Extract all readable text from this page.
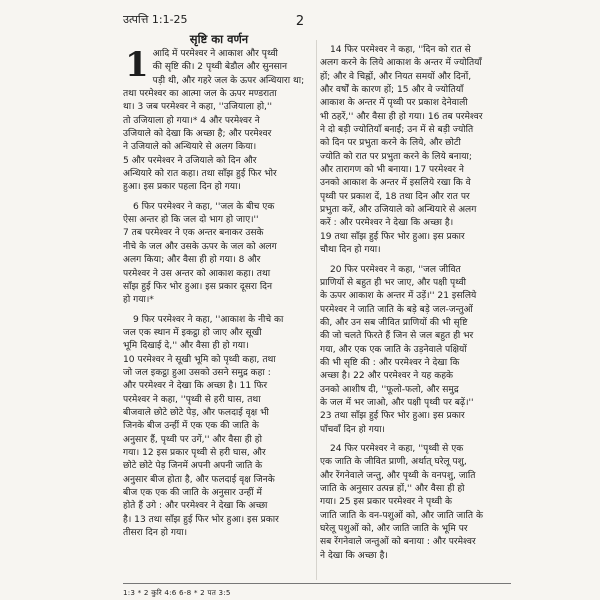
उत्पत्ति 1:1-25	2
सृष्टि का वर्णन
1 आदि में परमेश्वर ने आकाश और पृथ्वी
की सृष्टि की। 2 पृथ्वी बेडौल और सुनसान
पड़ी थी, और गहरे जल के ऊपर अन्धियारा था;
तथा परमेश्वर का आत्मा जल के ऊपर मण्डराता
था। 3 जब परमेश्वर ने कहा, ''उजियाला हो,''
तो उजियाला हो गया।* 4 और परमेश्वर ने
उजियाले को देखा कि अच्छा है; और परमेश्वर
ने उजियाले को अन्धियारे से अलग किया।
5 और परमेश्वर ने उजियाले को दिन और
अन्धियारे को रात कहा। तथा साँझ हुई फिर भोर
हुआ। इस प्रकार पहला दिन हो गया।
6 फिर परमेश्वर ने कहा, ''जल के बीच एक
ऐसा अन्तर हो कि जल दो भाग हो जाए।''
7 तब परमेश्वर ने एक अन्तर बनाकर उसके
नीचे के जल और उसके ऊपर के जल को अलग
अलग किया; और वैसा ही हो गया। 8 और
परमेश्वर ने उस अन्तर को आकाश कहा। तथा
साँझ हुई फिर भोर हुआ। इस प्रकार दूसरा दिन
हो गया।*
9 फिर परमेश्वर ने कहा, ''आकाश के नीचे का
जल एक स्थान में इकट्ठा हो जाए और सूखी
भूमि दिखाई दे,'' और वैसा ही हो गया।
10 परमेश्वर ने सूखी भूमि को पृथ्वी कहा, तथा
जो जल इकट्ठा हुआ उसको उसने समुद्र कहा :
और परमेश्वर ने देखा कि अच्छा है। 11 फिर
परमेश्वर ने कहा, ''पृथ्वी से हरी घास, तथा
बीजवाले छोटे छोटे पेड़, और फलदाई वृक्ष भी
जिनके बीज उन्हीं में एक एक की जाति के
अनुसार हैं, पृथ्वी पर उगें,'' और वैसा ही हो
गया। 12 इस प्रकार पृथ्वी से हरी घास, और
छोटे छोटे पेड़ जिनमें अपनी अपनी जाति के
अनुसार बीज होता है, और फलदाई वृक्ष जिनके
बीज एक एक की जाति के अनुसार उन्हीं में
होते हैं उगे : और परमेश्वर ने देखा कि अच्छा
है। 13 तथा साँझ हुई फिर भोर हुआ। इस प्रकार
तीसरा दिन हो गया।
14 फिर परमेश्वर ने कहा, ''दिन को रात से
अलग करने के लिये आकाश के अन्तर में ज्योतियाँ
हों; और वे चिह्नों, और नियत समयों और दिनों,
और वर्षों के कारण हों; 15 और वे ज्योतियाँ
आकाश के अन्तर में पृथ्वी पर प्रकाश देनेवाली
भी ठहरें,'' और वैसा ही हो गया। 16 तब परमेश्वर
ने दो बड़ी ज्योतियाँ बनाईं; उन में से बड़ी ज्योति
को दिन पर प्रभुता करने के लिये, और छोटी
ज्योति को रात पर प्रभुता करने के लिये बनाया;
और तारागण को भी बनाया। 17 परमेश्वर ने
उनको आकाश के अन्तर में इसलिये रखा कि वे
पृथ्वी पर प्रकाश दें, 18 तथा दिन और रात पर
प्रभुता करें, और उजियाले को अन्धियारे से अलग
करें : और परमेश्वर ने देखा कि अच्छा है।
19 तथा साँझ हुई फिर भोर हुआ। इस प्रकार
चौथा दिन हो गया।
20 फिर परमेश्वर ने कहा, ''जल जीवित
प्राणियों से बहुत ही भर जाए, और पक्षी पृथ्वी
के ऊपर आकाश के अन्तर में उड़ें।'' 21 इसलिये
परमेश्वर ने जाति जाति के बड़े बड़े जल-जन्तुओं
की, और उन सब जीवित प्राणियों की भी सृष्टि
की जो चलते फिरते हैं जिन से जल बहुत ही भर
गया, और एक एक जाति के उड़नेवाले पक्षियों
की भी सृष्टि की : और परमेश्वर ने देखा कि
अच्छा है। 22 और परमेश्वर ने यह कहके
उनको आशीष दी, ''फूलो-फलो, और समुद्र
के जल में भर जाओ, और पक्षी पृथ्वी पर बढ़ें।''
23 तथा साँझ हुई फिर भोर हुआ। इस प्रकार
पाँचवाँ दिन हो गया।
24 फिर परमेश्वर ने कहा, ''पृथ्वी से एक
एक जाति के जीवित प्राणी, अर्थात् घरेलू पशु,
और रेंगनेवाले जन्तु, और पृथ्वी के वनपशु, जाति
जाति के अनुसार उत्पन्न हों,'' और वैसा ही हो
गया। 25 इस प्रकार परमेश्वर ने पृथ्वी के
जाति जाति के वन-पशुओं को, और जाति जाति के
घरेलू पशुओं को, और जाति जाति के भूमि पर
सब रेंगनेवाले जन्तुओं को बनाया : और परमेश्वर
ने देखा कि अच्छा है।
1:3 * 2 कुरि 4:6 6-8 * 2 पत 3:5
